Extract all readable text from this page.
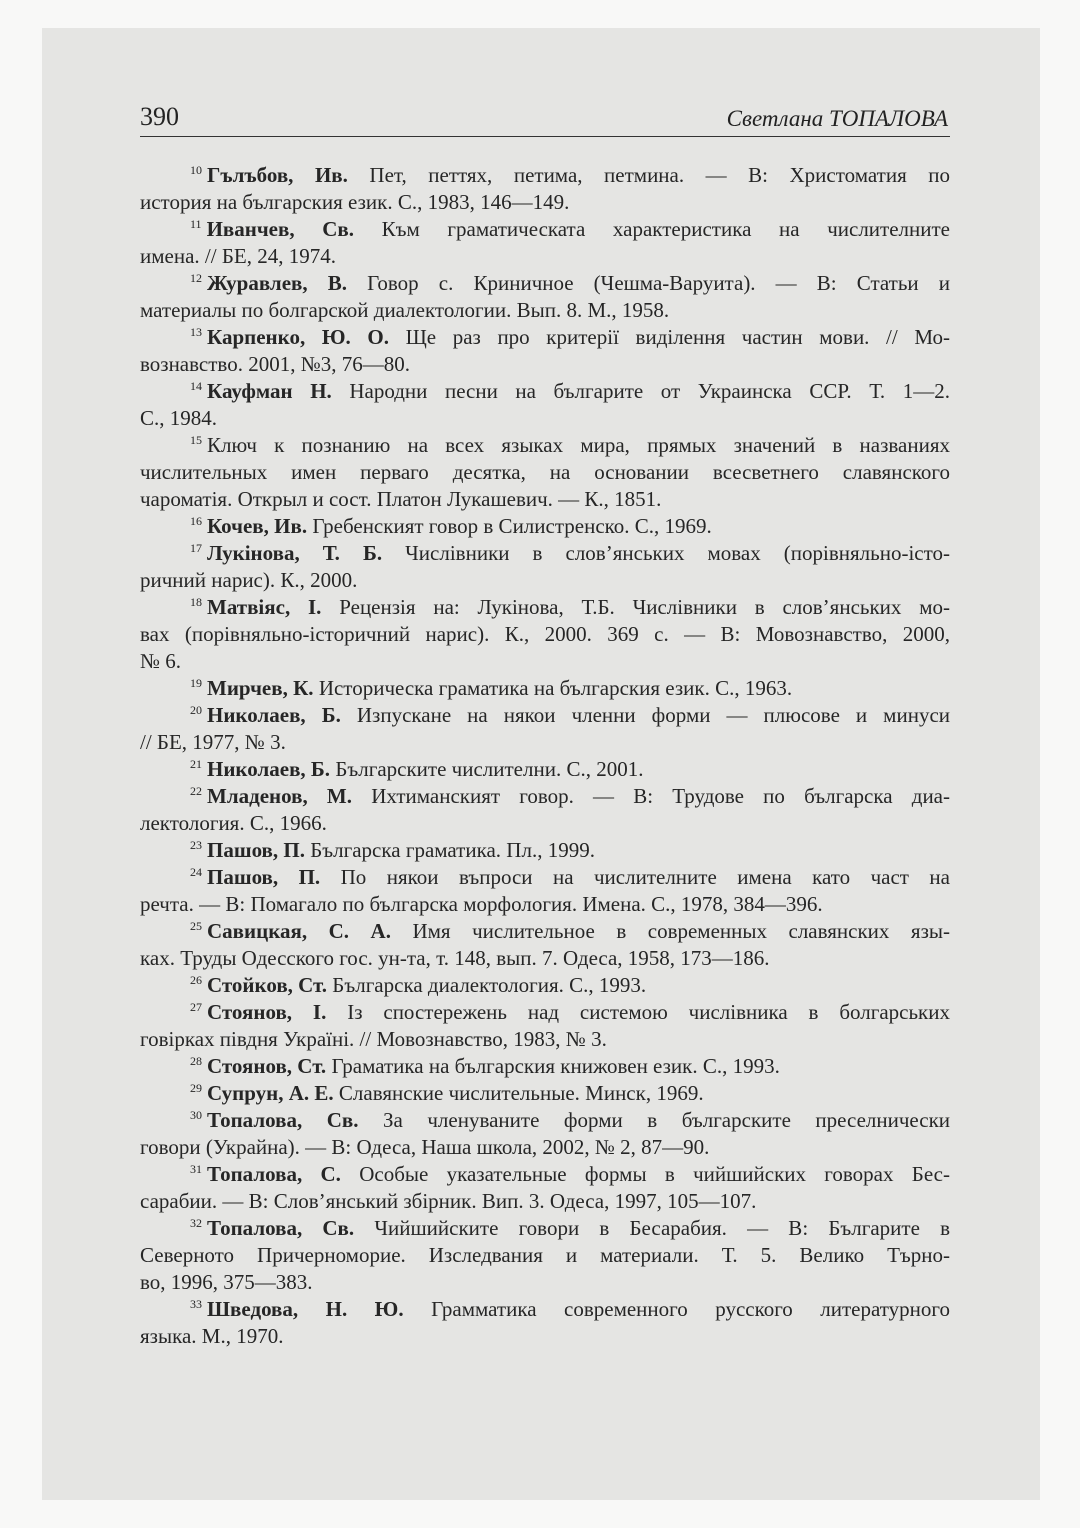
390	Светлана ТОПАЛОВА
$^{10}$ Гълъбов, Ив. Пет, петтях, петима, петмина. — В: Христоматия по
история на българския език. С., 1983, 146—149.
$^{11}$ Иванчев, Св. Към граматическата характеристика на числителните
имена. // БЕ, 24, 1974.
$^{12}$ Журавлев, В. Говор с. Криничное (Чешма-Варуита). — В: Статьи и
материалы по болгарской диалектологии. Вып. 8. М., 1958.
$^{13}$ Карпенко, Ю. О. Ще раз про критерії виділення частин мови. // Мо-
вознавство. 2001, №3, 76—80.
$^{14}$ Кауфман Н. Народни песни на българите от Украинска ССР. Т. 1—2.
С., 1984.
$^{15}$ Ключ к познанию на всех языках мира, прямых значений в названиях
числительных имен перваго десятка, на основании всесветнего славянского
чароматія. Открыл и сост. Платон Лукашевич. — К., 1851.
$^{16}$ Кочев, Ив. Гребенският говор в Силистренско. С., 1969.
$^{17}$ Лукінова, Т. Б. Числівники в слов’янських мовах (порівняльно-істо-
ричний нарис). К., 2000.
$^{18}$ Матвіяс, І. Рецензія на: Лукінова, Т.Б. Числівники в слов’янських мо-
вах (порівняльно-історичний нарис). К., 2000. 369 с. — В: Мовознавство, 2000,
№ 6.
$^{19}$ Мирчев, К. Историческа граматика на българския език. С., 1963.
$^{20}$ Николаев, Б. Изпускане на някои членни форми — плюсове и минуси
// БЕ, 1977, № 3.
$^{21}$ Николаев, Б. Българските числителни. С., 2001.
$^{22}$ Младенов, М. Ихтиманският говор. — В: Трудове по българска диа-
лектология. С., 1966.
$^{23}$ Пашов, П. Българска граматика. Пл., 1999.
$^{24}$ Пашов, П. По някои въпроси на числителните имена като част на
речта. — В: Помагало по българска морфология. Имена. С., 1978, 384—396.
$^{25}$ Савицкая, С. А. Имя числительное в современных славянских язы-
ках. Труды Одесского гос. ун-та, т. 148, вып. 7. Одеса, 1958, 173—186.
$^{26}$ Стойков, Ст. Българска диалектология. С., 1993.
$^{27}$ Стоянов, І. Із спостережень над системою числівника в болгарських
говірках півдня Україні. // Мовознавство, 1983, № 3.
$^{28}$ Стоянов, Ст. Граматика на българския книжовен език. С., 1993.
$^{29}$ Супрун, А. Е. Славянские числительные. Минск, 1969.
$^{30}$ Топалова, Св. За членуваните форми в българските преселнически
говори (Украйна). — В: Одеса, Наша школа, 2002, № 2, 87—90.
$^{31}$ Топалова, С. Особые указательные формы в чийшийских говорах Бес-
сарабии. — В: Слов’янський збірник. Вип. 3. Одеса, 1997, 105—107.
$^{32}$ Топалова, Св. Чийшийските говори в Бесарабия. — В: Българите в
Северното Причерноморие. Изследвания и материали. Т. 5. Велико Търно-
во, 1996, 375—383.
$^{33}$ Шведова, Н. Ю. Грамматика современного русского литературного
языка. М., 1970.
